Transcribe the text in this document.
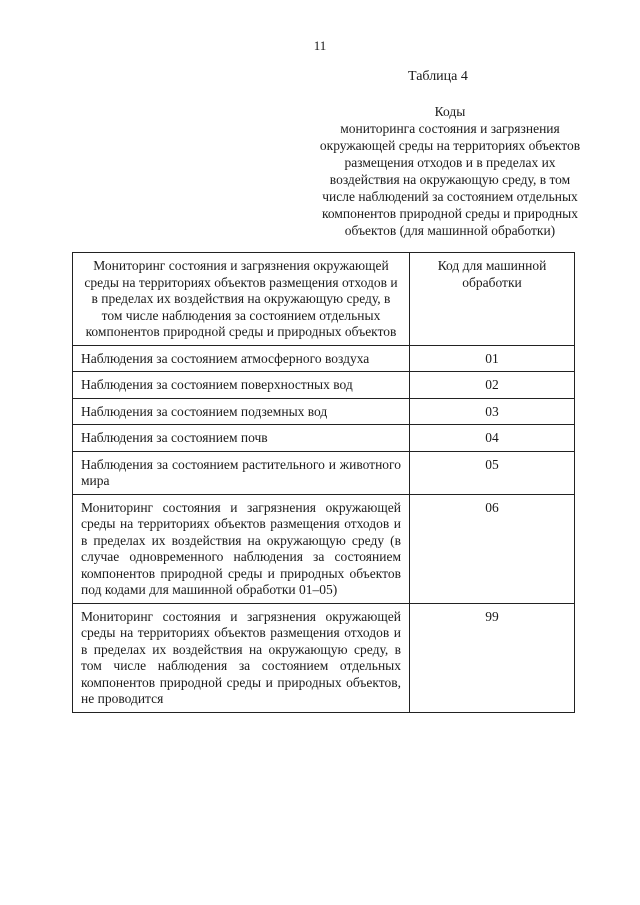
11
Таблица 4
Коды
мониторинга состояния и загрязнения
окружающей среды на территориях объектов
размещения отходов и в пределах их
воздействия на окружающую среду, в том
числе наблюдений за состоянием отдельных
компонентов природной среды и природных
объектов (для машинной обработки)
Мониторинг состояния и загрязнения окружающей среды на территориях объектов размещения отходов и в пределах их воздействия на окружающую среду, в том числе наблюдения за состоянием отдельных компонентов природной среды и природных объектов	Код для машинной обработки
Наблюдения за состоянием атмосферного воздуха	01
Наблюдения за состоянием поверхностных вод	02
Наблюдения за состоянием подземных вод	03
Наблюдения за состоянием почв	04
Наблюдения за состоянием растительного и животного мира	05
Мониторинг состояния и загрязнения окружающей среды на территориях объектов размещения отходов и в пределах их воздействия на окружающую среду (в случае одновременного наблюдения за состоянием компонентов природной среды и природных объектов под кодами для машинной обработки 01–05)	06
Мониторинг состояния и загрязнения окружающей среды на территориях объектов размещения отходов и в пределах их воздействия на окружающую среду, в том числе наблюдения за состоянием отдельных компонентов природной среды и природных объектов, не проводится	99
